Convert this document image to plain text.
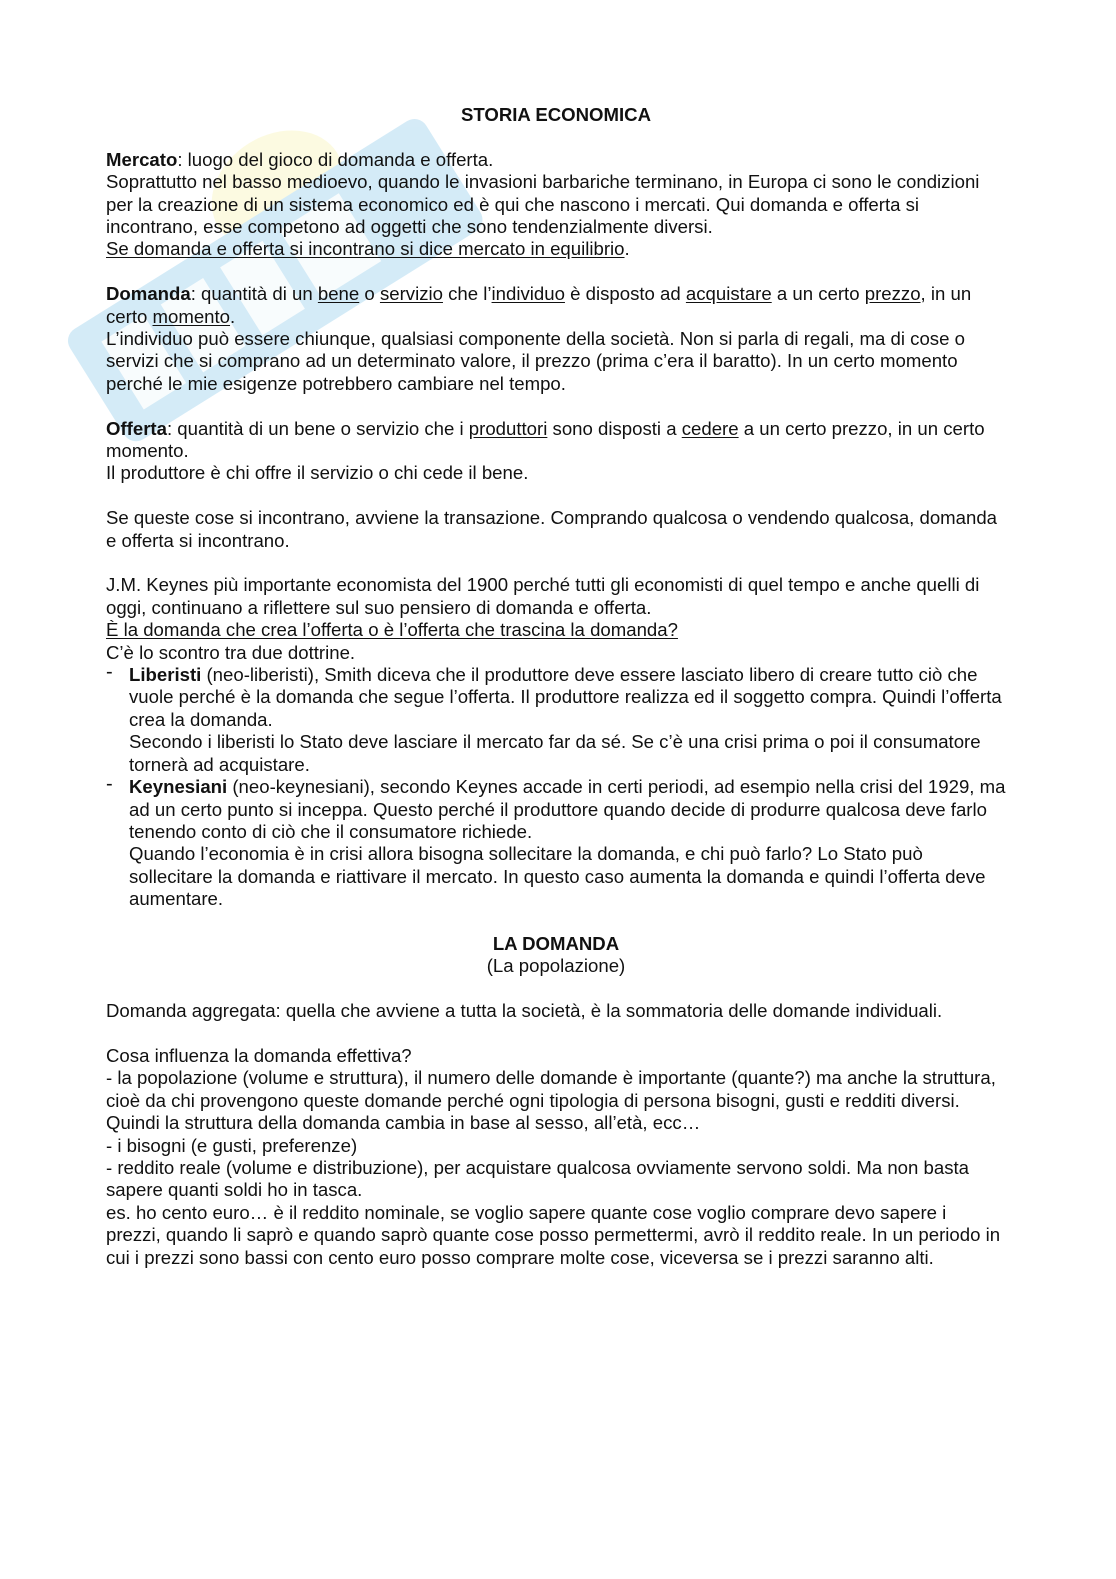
STORIA ECONOMICA

Mercato: luogo del gioco di domanda e offerta.

Soprattutto nel basso medioevo, quando le invasioni barbariche terminano, in Europa ci sono le condizioni per la creazione di un sistema economico ed è qui che nascono i mercati. Qui domanda e offerta si incontrano, esse competono ad oggetti che sono tendenzialmente diversi.

Se domanda e offerta si incontrano si dice mercato in equilibrio.

Domanda: quantità di un bene o servizio che l’individuo è disposto ad acquistare a un certo prezzo, in un certo momento.

L’individuo può essere chiunque, qualsiasi componente della società. Non si parla di regali, ma di cose o servizi che si comprano ad un determinato valore, il prezzo (prima c’era il baratto). In un certo momento perché le mie esigenze potrebbero cambiare nel tempo.

Offerta: quantità di un bene o servizio che i produttori sono disposti a cedere a un certo prezzo, in un certo momento.

Il produttore è chi offre il servizio o chi cede il bene.

Se queste cose si incontrano, avviene la transazione. Comprando qualcosa o vendendo qualcosa, domanda e offerta si incontrano.

J.M. Keynes più importante economista del 1900 perché tutti gli economisti di quel tempo e anche quelli di oggi, continuano a riflettere sul suo pensiero di domanda e offerta.

È la domanda che crea l’offerta o è l’offerta che trascina la domanda?

C’è lo scontro tra due dottrine.

- Liberisti (neo-liberisti), Smith diceva che il produttore deve essere lasciato libero di creare tutto ciò che vuole perché è la domanda che segue l’offerta. Il produttore realizza ed il soggetto compra. Quindi l’offerta crea la domanda.

Secondo i liberisti lo Stato deve lasciare il mercato far da sé. Se c’è una crisi prima o poi il consumatore tornerà ad acquistare.

- Keynesiani (neo-keynesiani), secondo Keynes accade in certi periodi, ad esempio nella crisi del 1929, ma ad un certo punto si inceppa. Questo perché il produttore quando decide di produrre qualcosa deve farlo tenendo conto di ciò che il consumatore richiede.

Quando l’economia è in crisi allora bisogna sollecitare la domanda, e chi può farlo? Lo Stato può sollecitare la domanda e riattivare il mercato. In questo caso aumenta la domanda e quindi l’offerta deve aumentare.

LA DOMANDA

(La popolazione)

Domanda aggregata: quella che avviene a tutta la società, è la sommatoria delle domande individuali.

Cosa influenza la domanda effettiva?

- la popolazione (volume e struttura), il numero delle domande è importante (quante?) ma anche la struttura, cioè da chi provengono queste domande perché ogni tipologia di persona bisogni, gusti e redditi diversi. Quindi la struttura della domanda cambia in base al sesso, all’età, ecc…

- i bisogni (e gusti, preferenze)

- reddito reale (volume e distribuzione), per acquistare qualcosa ovviamente servono soldi. Ma non basta sapere quanti soldi ho in tasca.

es. ho cento euro… è il reddito nominale, se voglio sapere quante cose voglio comprare devo sapere i prezzi, quando li saprò e quando saprò quante cose posso permettermi, avrò il reddito reale. In un periodo in cui i prezzi sono bassi con cento euro posso comprare molte cose, viceversa se i prezzi saranno alti.
